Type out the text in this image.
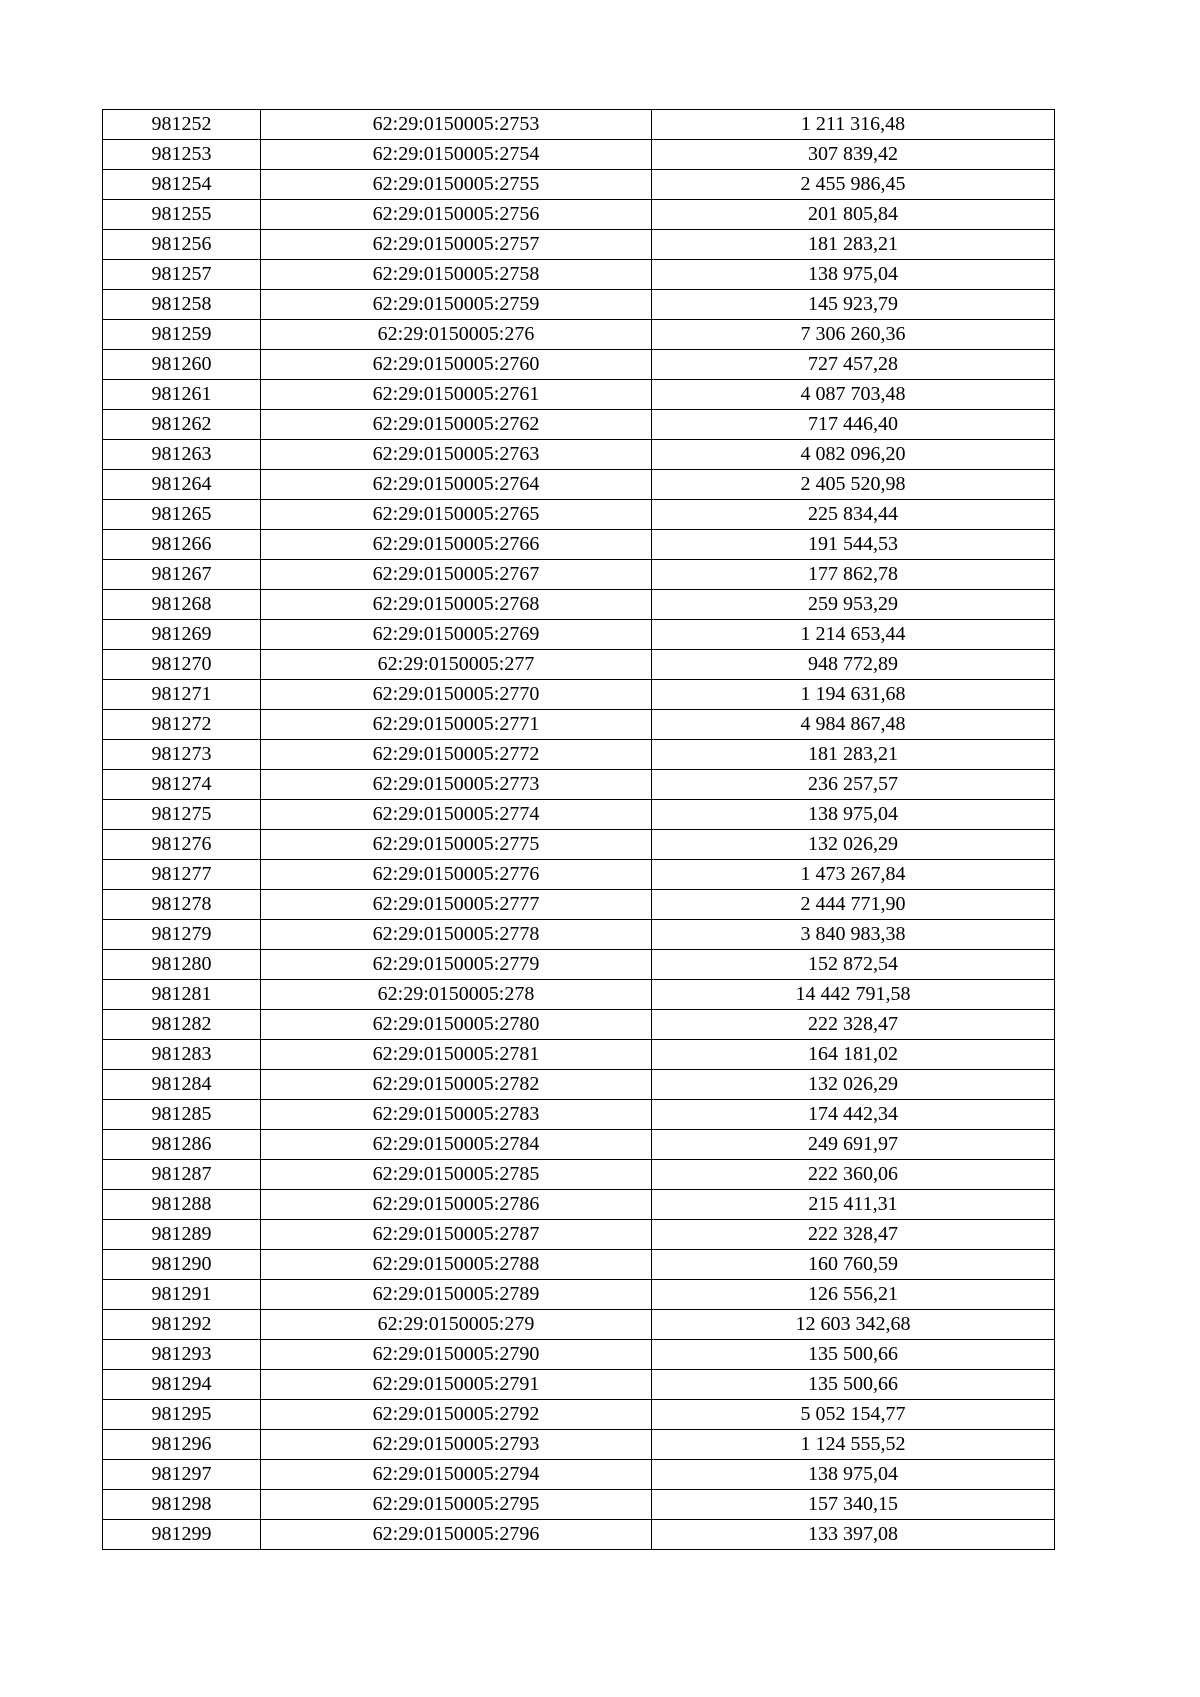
981252	62:29:0150005:2753	1 211 316,48
981253	62:29:0150005:2754	307 839,42
981254	62:29:0150005:2755	2 455 986,45
981255	62:29:0150005:2756	201 805,84
981256	62:29:0150005:2757	181 283,21
981257	62:29:0150005:2758	138 975,04
981258	62:29:0150005:2759	145 923,79
981259	62:29:0150005:276	7 306 260,36
981260	62:29:0150005:2760	727 457,28
981261	62:29:0150005:2761	4 087 703,48
981262	62:29:0150005:2762	717 446,40
981263	62:29:0150005:2763	4 082 096,20
981264	62:29:0150005:2764	2 405 520,98
981265	62:29:0150005:2765	225 834,44
981266	62:29:0150005:2766	191 544,53
981267	62:29:0150005:2767	177 862,78
981268	62:29:0150005:2768	259 953,29
981269	62:29:0150005:2769	1 214 653,44
981270	62:29:0150005:277	948 772,89
981271	62:29:0150005:2770	1 194 631,68
981272	62:29:0150005:2771	4 984 867,48
981273	62:29:0150005:2772	181 283,21
981274	62:29:0150005:2773	236 257,57
981275	62:29:0150005:2774	138 975,04
981276	62:29:0150005:2775	132 026,29
981277	62:29:0150005:2776	1 473 267,84
981278	62:29:0150005:2777	2 444 771,90
981279	62:29:0150005:2778	3 840 983,38
981280	62:29:0150005:2779	152 872,54
981281	62:29:0150005:278	14 442 791,58
981282	62:29:0150005:2780	222 328,47
981283	62:29:0150005:2781	164 181,02
981284	62:29:0150005:2782	132 026,29
981285	62:29:0150005:2783	174 442,34
981286	62:29:0150005:2784	249 691,97
981287	62:29:0150005:2785	222 360,06
981288	62:29:0150005:2786	215 411,31
981289	62:29:0150005:2787	222 328,47
981290	62:29:0150005:2788	160 760,59
981291	62:29:0150005:2789	126 556,21
981292	62:29:0150005:279	12 603 342,68
981293	62:29:0150005:2790	135 500,66
981294	62:29:0150005:2791	135 500,66
981295	62:29:0150005:2792	5 052 154,77
981296	62:29:0150005:2793	1 124 555,52
981297	62:29:0150005:2794	138 975,04
981298	62:29:0150005:2795	157 340,15
981299	62:29:0150005:2796	133 397,08
